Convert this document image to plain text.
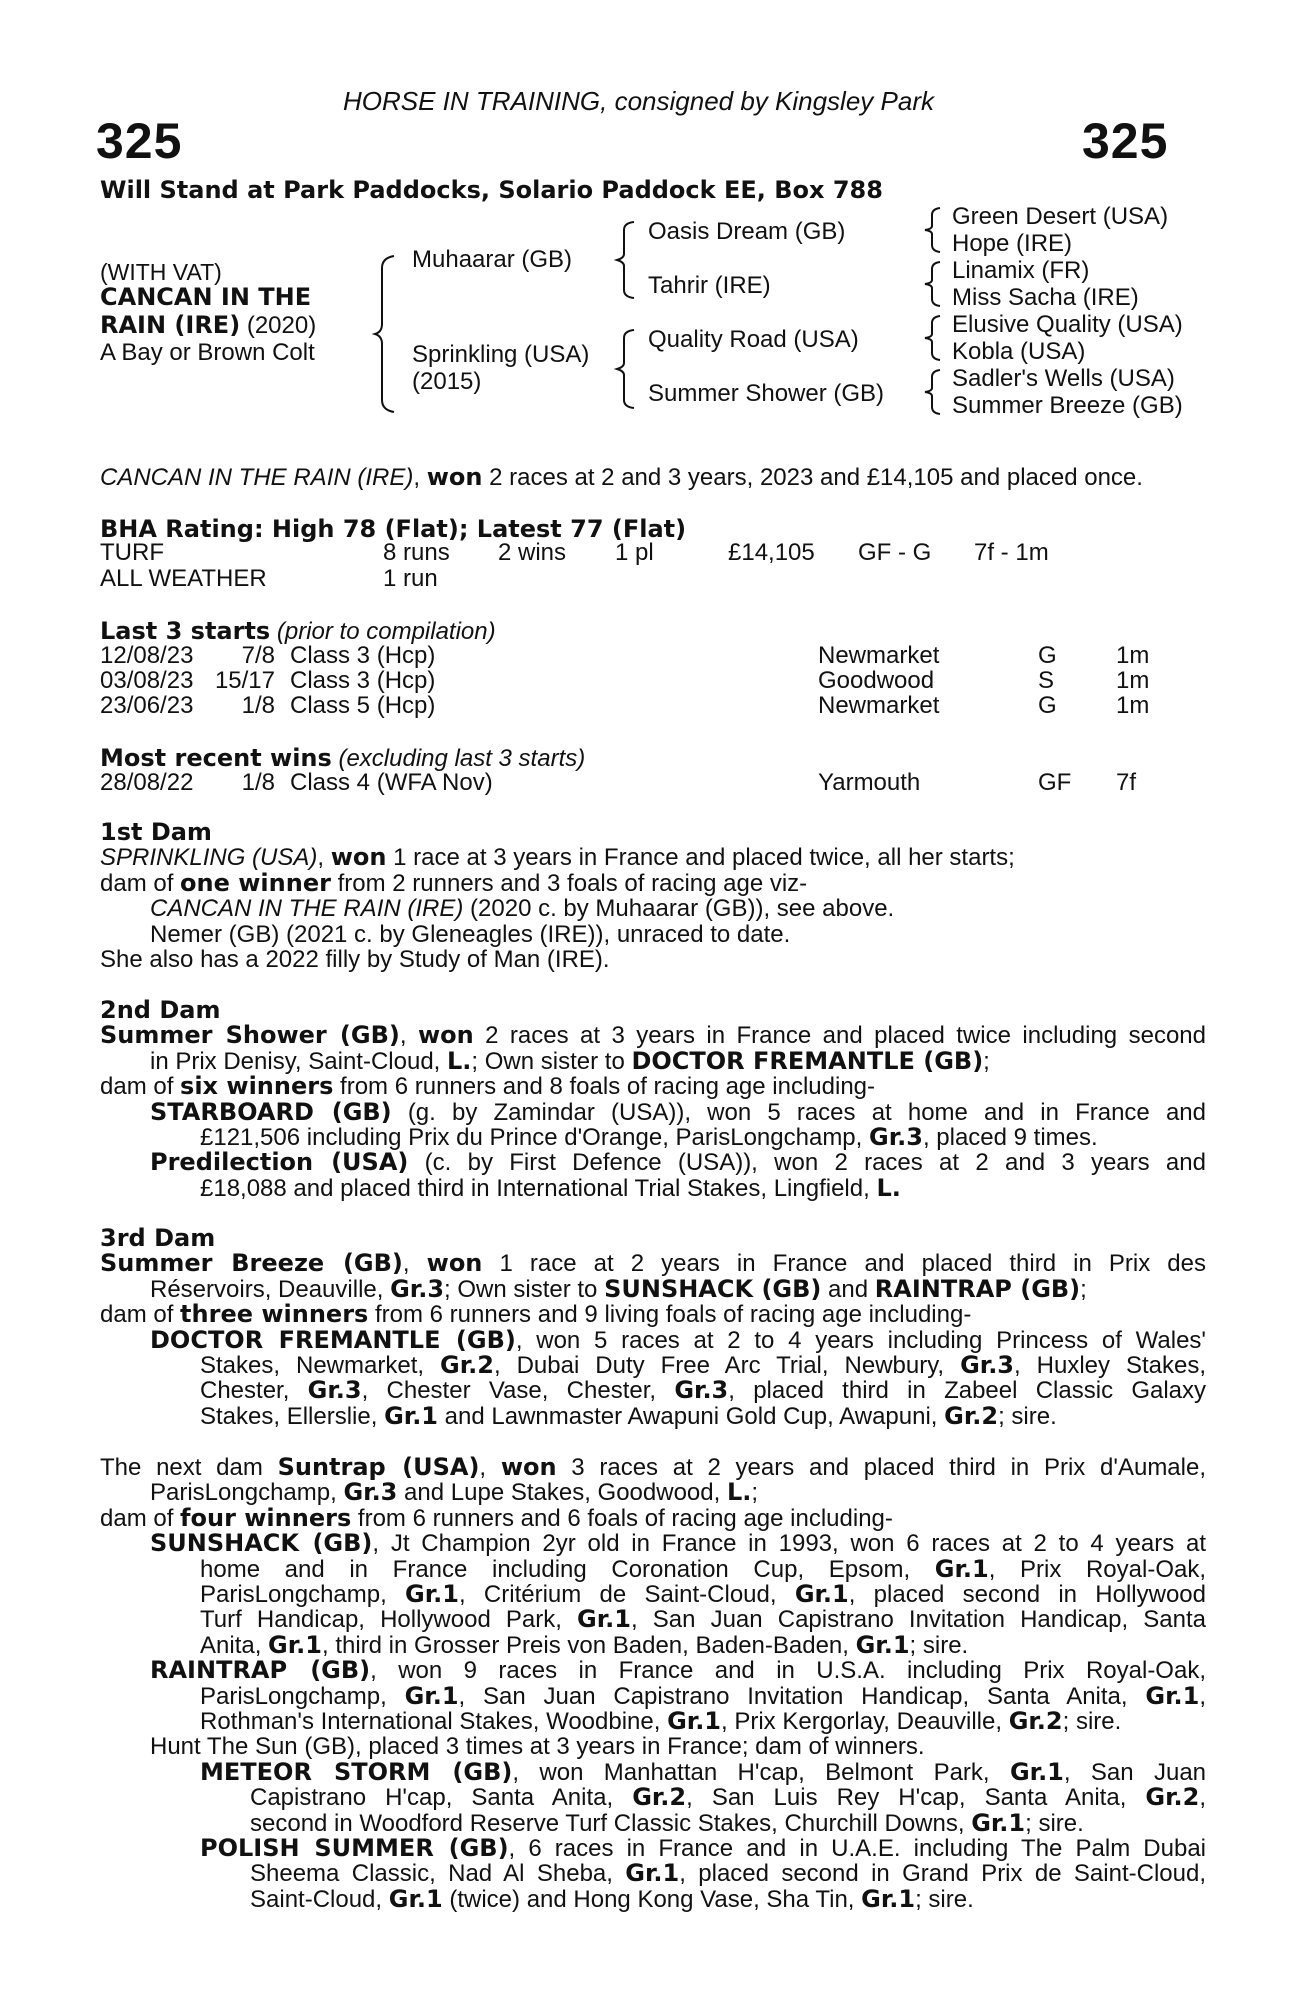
HORSE IN TRAINING, consigned by Kingsley Park
325	325
Will Stand at Park Paddocks, Solario Paddock EE, Box 788
(WITH VAT)
CANCAN IN THE
RAIN (IRE) (2020)
A Bay or Brown Colt
Muhaarar (GB)
Sprinkling (USA)
(2015)
Oasis Dream (GB)
Tahrir (IRE)
Quality Road (USA)
Summer Shower (GB)
Green Desert (USA)
Hope (IRE)
Linamix (FR)
Miss Sacha (IRE)
Elusive Quality (USA)
Kobla (USA)
Sadler's Wells (USA)
Summer Breeze (GB)
CANCAN IN THE RAIN (IRE), won 2 races at 2 and 3 years, 2023 and £14,105 and placed once.
BHA Rating: High 78 (Flat); Latest 77 (Flat)
TURF	8 runs 2 wins 1 pl	£14,105 GF - G 7f - 1m
ALL WEATHER	1 run
Last 3 starts (prior to compilation)
12/08/23	7/8 Class 3 (Hcp)	Newmarket	G 1m
03/08/23 15/17 Class 3 (Hcp)	Goodwood	S	1m
23/06/23	1/8 Class 5 (Hcp)	Newmarket	G 1m
Most recent wins (excluding last 3 starts)
28/08/22	1/8 Class 4 (WFA Nov)	Yarmouth	GF 7f
1st Dam
SPRINKLING (USA), won 1 race at 3 years in France and placed twice, all her starts;
dam of one winner from 2 runners and 3 foals of racing age viz-
CANCAN IN THE RAIN (IRE) (2020 c. by Muhaarar (GB)), see above.
Nemer (GB) (2021 c. by Gleneagles (IRE)), unraced to date.
She also has a 2022 filly by Study of Man (IRE).
2nd Dam
Summer Shower (GB), won 2 races at 3 years in France and placed twice including second
in Prix Denisy, Saint-Cloud, L.; Own sister to DOCTOR FREMANTLE (GB);
dam of six winners from 6 runners and 8 foals of racing age including-
STARBOARD (GB) (g. by Zamindar (USA)), won 5 races at home and in France and
£121,506 including Prix du Prince d'Orange, ParisLongchamp, Gr.3, placed 9 times.
Predilection (USA) (c. by First Defence (USA)), won 2 races at 2 and 3 years and
£18,088 and placed third in International Trial Stakes, Lingfield, L.
3rd Dam
Summer Breeze (GB), won 1 race at 2 years in France and placed third in Prix des
Réservoirs, Deauville, Gr.3; Own sister to SUNSHACK (GB) and RAINTRAP (GB);
dam of three winners from 6 runners and 9 living foals of racing age including-
DOCTOR FREMANTLE (GB), won 5 races at 2 to 4 years including Princess of Wales'
Stakes, Newmarket, Gr.2, Dubai Duty Free Arc Trial, Newbury, Gr.3, Huxley Stakes,
Chester, Gr.3, Chester Vase, Chester, Gr.3, placed third in Zabeel Classic Galaxy
Stakes, Ellerslie, Gr.1 and Lawnmaster Awapuni Gold Cup, Awapuni, Gr.2; sire.
The next dam Suntrap (USA), won 3 races at 2 years and placed third in Prix d'Aumale,
ParisLongchamp, Gr.3 and Lupe Stakes, Goodwood, L.;
dam of four winners from 6 runners and 6 foals of racing age including-
SUNSHACK (GB), Jt Champion 2yr old in France in 1993, won 6 races at 2 to 4 years at
home and in France including Coronation Cup, Epsom, Gr.1, Prix Royal-Oak,
ParisLongchamp, Gr.1, Critérium de Saint-Cloud, Gr.1, placed second in Hollywood
Turf Handicap, Hollywood Park, Gr.1, San Juan Capistrano Invitation Handicap, Santa
Anita, Gr.1, third in Grosser Preis von Baden, Baden-Baden, Gr.1; sire.
RAINTRAP (GB), won 9 races in France and in U.S.A. including Prix Royal-Oak,
ParisLongchamp, Gr.1, San Juan Capistrano Invitation Handicap, Santa Anita, Gr.1,
Rothman's International Stakes, Woodbine, Gr.1, Prix Kergorlay, Deauville, Gr.2; sire.
Hunt The Sun (GB), placed 3 times at 3 years in France; dam of winners.
METEOR STORM (GB), won Manhattan H'cap, Belmont Park, Gr.1, San Juan
Capistrano H'cap, Santa Anita, Gr.2, San Luis Rey H'cap, Santa Anita, Gr.2,
second in Woodford Reserve Turf Classic Stakes, Churchill Downs, Gr.1; sire.
POLISH SUMMER (GB), 6 races in France and in U.A.E. including The Palm Dubai
Sheema Classic, Nad Al Sheba, Gr.1, placed second in Grand Prix de Saint-Cloud,
Saint-Cloud, Gr.1 (twice) and Hong Kong Vase, Sha Tin, Gr.1; sire.
